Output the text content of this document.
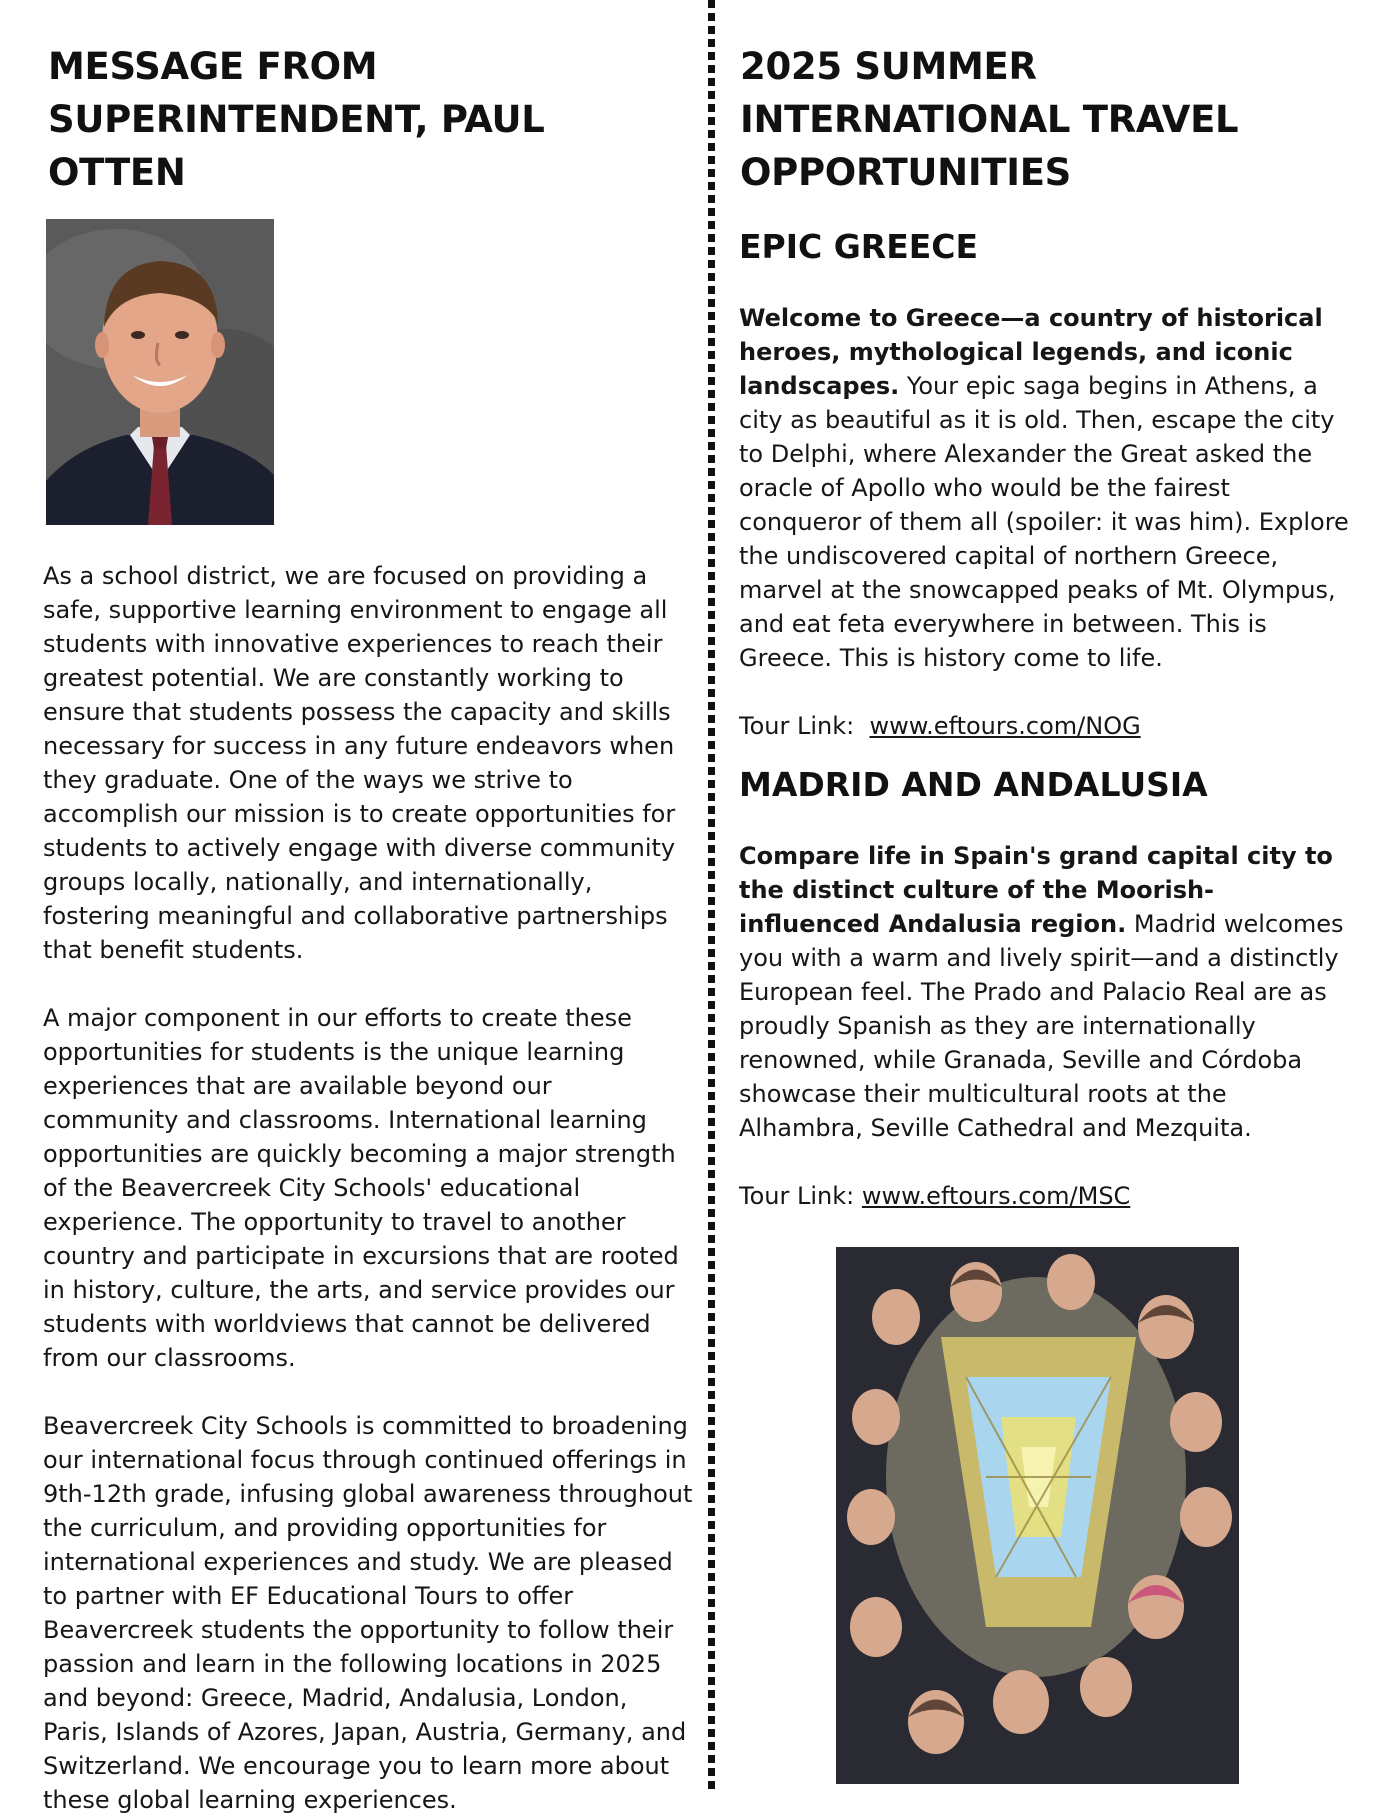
MESSAGE FROM SUPERINTENDENT, PAUL OTTEN

As a school district, we are focused on providing a safe, supportive learning environment to engage all students with innovative experiences to reach their greatest potential. We are constantly working to ensure that students possess the capacity and skills necessary for success in any future endeavors when they graduate. One of the ways we strive to accomplish our mission is to create opportunities for students to actively engage with diverse community groups locally, nationally, and internationally, fostering meaningful and collaborative partnerships that benefit students.

A major component in our efforts to create these opportunities for students is the unique learning experiences that are available beyond our community and classrooms. International learning opportunities are quickly becoming a major strength of the Beavercreek City Schools' educational experience. The opportunity to travel to another country and participate in excursions that are rooted in history, culture, the arts, and service provides our students with worldviews that cannot be delivered from our classrooms.

Beavercreek City Schools is committed to broadening our international focus through continued offerings in 9th-12th grade, infusing global awareness throughout the curriculum, and providing opportunities for international experiences and study. We are pleased to partner with EF Educational Tours to offer Beavercreek students the opportunity to follow their passion and learn in the following locations in 2025 and beyond: Greece, Madrid, Andalusia, London, Paris, Islands of Azores, Japan, Austria, Germany, and Switzerland. We encourage you to learn more about these global learning experiences.

2025 SUMMER INTERNATIONAL TRAVEL OPPORTUNITIES
EPIC GREECE

Welcome to Greece—a country of historical heroes, mythological legends, and iconic landscapes. Your epic saga begins in Athens, a city as beautiful as it is old. Then, escape the city to Delphi, where Alexander the Great asked the oracle of Apollo who would be the fairest conqueror of them all (spoiler: it was him). Explore the undiscovered capital of northern Greece, marvel at the snowcapped peaks of Mt. Olympus, and eat feta everywhere in between. This is Greece. This is history come to life.

Tour Link: www.eftours.com/NOG

MADRID AND ANDALUSIA

Compare life in Spain's grand capital city to the distinct culture of the Moorish-influenced Andalusia region. Madrid welcomes you with a warm and lively spirit—and a distinctly European feel. The Prado and Palacio Real are as proudly Spanish as they are internationally renowned, while Granada, Seville and Córdoba showcase their multicultural roots at the Alhambra, Seville Cathedral and Mezquita.

Tour Link: www.eftours.com/MSC
